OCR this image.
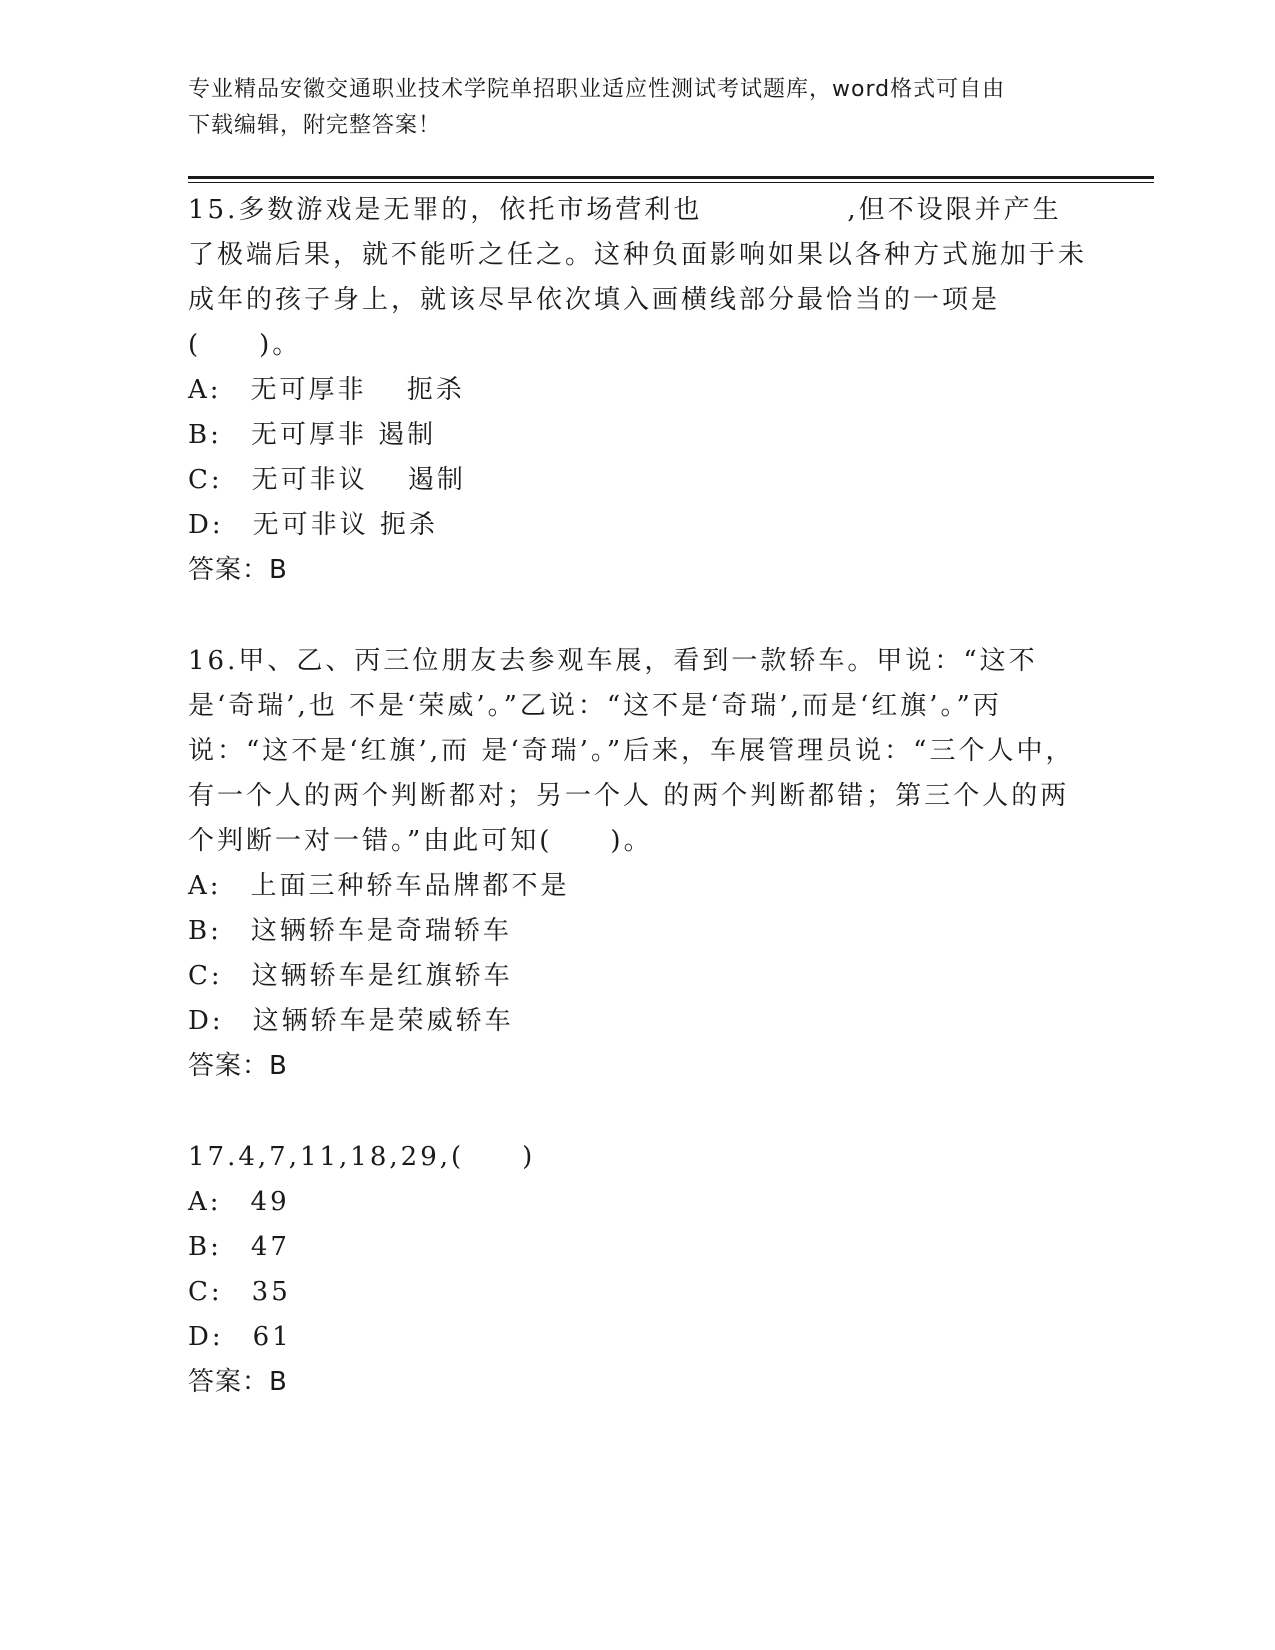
专业精品安徽交通职业技术学院单招职业适应性测试考试题库，word格式可自由
下载编辑，附完整答案！

15.多数游戏是无罪的，依托市场营利也　　　　　,但不设限并产生了极端后果，就不能听之任之。这种负面影响如果以各种方式施加于未成年的孩子身上，就该尽早依次填入画横线部分最恰当的一项是(　　)。

A:　无可厚非　 扼杀

B:　无可厚非 遏制

C:　无可非议　 遏制

D:　无可非议 扼杀

答案：B

16.甲、乙、丙三位朋友去参观车展，看到一款轿车。甲说：“这不是‘奇瑞’,也 不是‘荣威’。”乙说：“这不是‘奇瑞’,而是‘红旗’。”丙说：“这不是‘红旗’,而 是‘奇瑞’。”后来，车展管理员说：“三个人中，有一个人的两个判断都对；另一个人 的两个判断都错；第三个人的两个判断一对一错。”由此可知(　　)。

A:　上面三种轿车品牌都不是

B:　这辆轿车是奇瑞轿车

C:　这辆轿车是红旗轿车

D:　这辆轿车是荣威轿车

答案：B

17.4,7,11,18,29,(　　)

A:　49

B:　47

C:　35

D:　61

答案：B
